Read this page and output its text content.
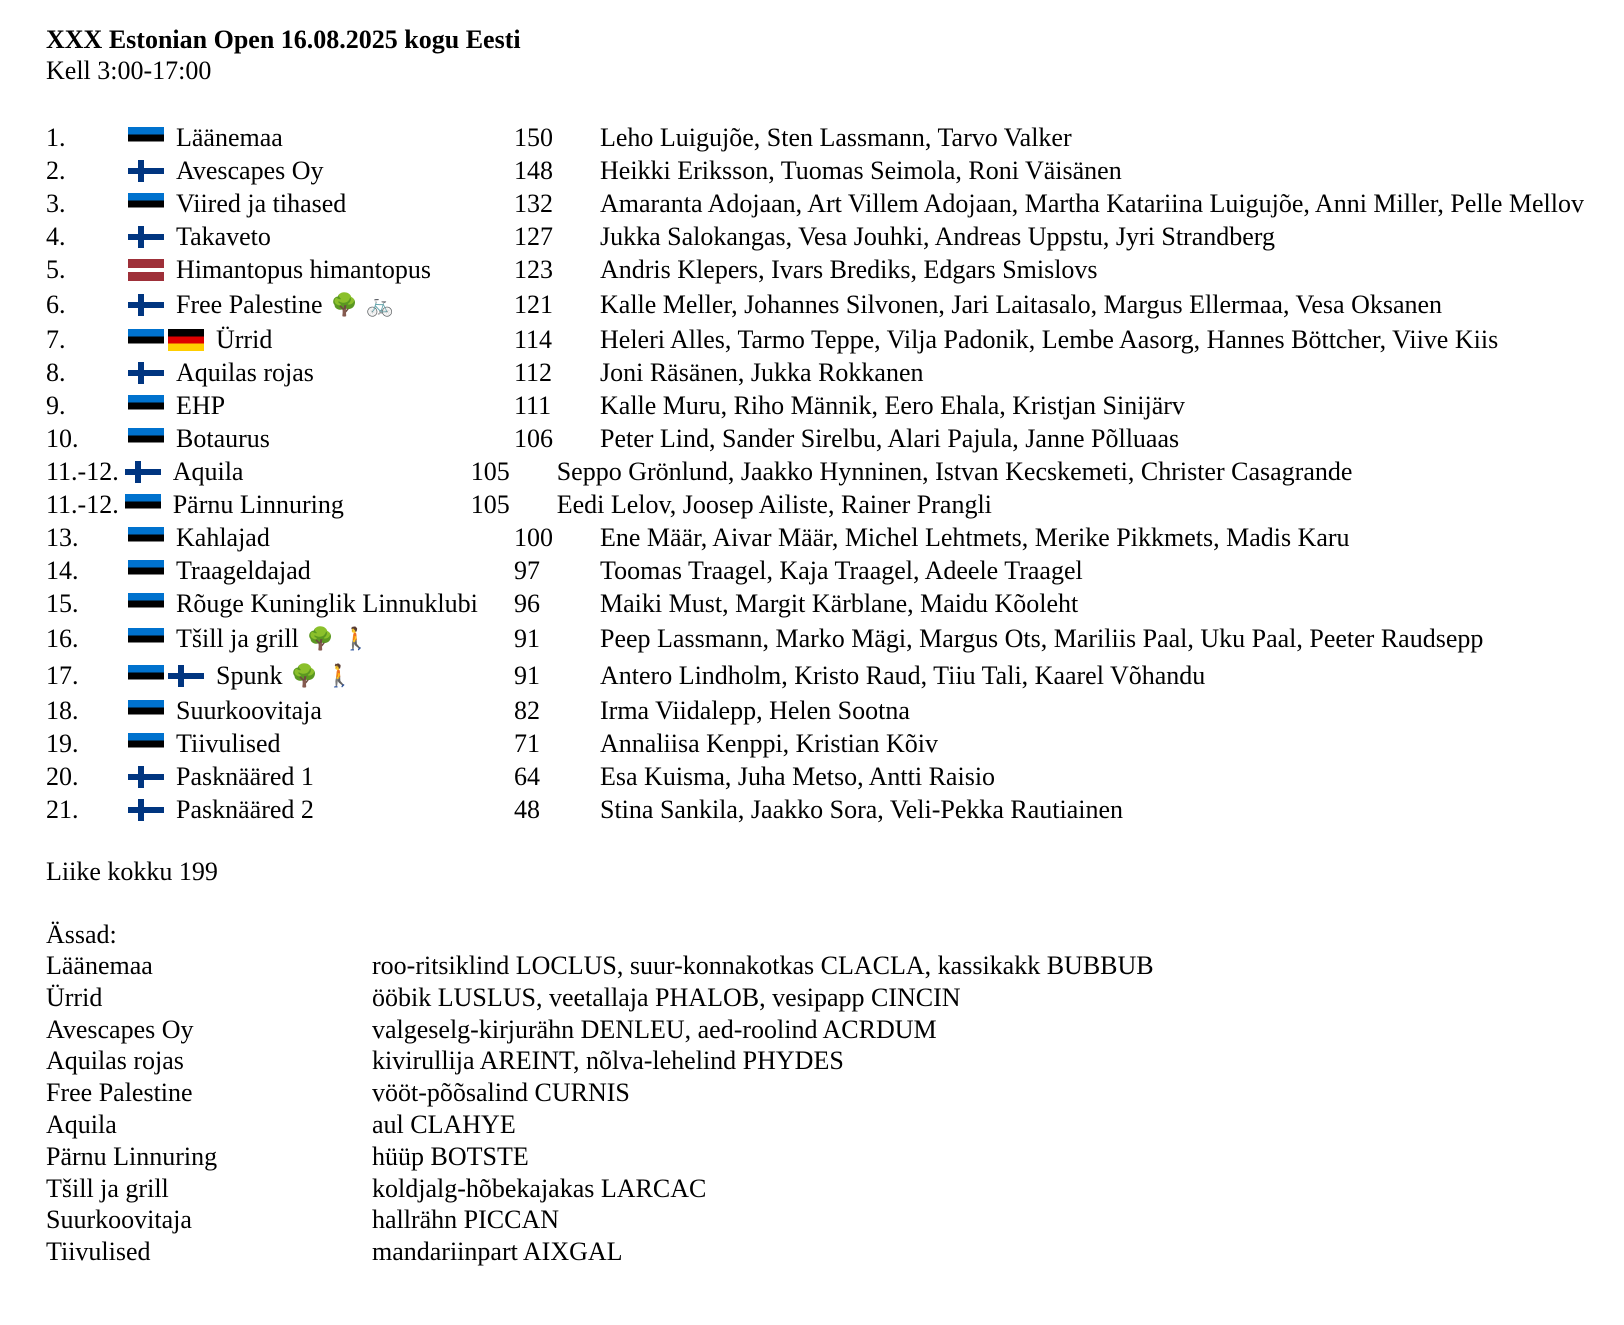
XXX Estonian Open 16.08.2025 kogu Eesti
Kell 3:00-17:00
1.	Läänemaa	150	Leho Luigujõe, Sten Lassmann, Tarvo Valker
2.	Avescapes Oy	148	Heikki Eriksson, Tuomas Seimola, Roni Väisänen
3.	Viired ja tihased	132	Amaranta Adojaan, Art Villem Adojaan, Martha Katariina Luigujõe, Anni Miller, Pelle Mellov
4.	Takaveto	127	Jukka Salokangas, Vesa Jouhki, Andreas Uppstu, Jyri Strandberg
5.	Himantopus himantopus	123	Andris Klepers, Ivars Brediks, Edgars Smislovs
6.	Free Palestine 🌳 🚲	121	Kalle Meller, Johannes Silvonen, Jari Laitasalo, Margus Ellermaa, Vesa Oksanen
7.	Ürrid	114	Heleri Alles, Tarmo Teppe, Vilja Padonik, Lembe Aasorg, Hannes Böttcher, Viive Kiis
8.	Aquilas rojas	112	Joni Räsänen, Jukka Rokkanen
9.	EHP	111	Kalle Muru, Riho Männik, Eero Ehala, Kristjan Sinijärv
10.	Botaurus	106	Peter Lind, Sander Sirelbu, Alari Pajula, Janne Põlluaas
11.-12. Aquila	105	Seppo Grönlund, Jaakko Hynninen, Istvan Kecskemeti, Christer Casagrande
11.-12. Pärnu Linnuring	105	Eedi Lelov, Joosep Ailiste, Rainer Prangli
13.	Kahlajad	100	Ene Määr, Aivar Määr, Michel Lehtmets, Merike Pikkmets, Madis Karu
14.	Traageldajad	97	Toomas Traagel, Kaja Traagel, Adeele Traagel
15.	Rõuge Kuninglik Linnuklubi 96	Maiki Must, Margit Kärblane, Maidu Kõoleht
16.	Tšill ja grill 🌳 🚶	91	Peep Lassmann, Marko Mägi, Margus Ots, Mariliis Paal, Uku Paal, Peeter Raudsepp
17.	Spunk 🌳 🚶	91	Antero Lindholm, Kristo Raud, Tiiu Tali, Kaarel Võhandu
18.	Suurkoovitaja	82	Irma Viidalepp, Helen Sootna
19.	Tiivulised	71	Annaliisa Kenppi, Kristian Kõiv
20.	Pasknääred 1	64	Esa Kuisma, Juha Metso, Antti Raisio
21.	Pasknääred 2	48	Stina Sankila, Jaakko Sora, Veli-Pekka Rautiainen
Liike kokku 199
Ässad:
Läänemaa	roo-ritsiklind LOCLUS, suur-konnakotkas CLACLA, kassikakk BUBBUB
Ürrid	ööbik LUSLUS, veetallaja PHALOB, vesipapp CINCIN
Avescapes Oy	valgeselg-kirjurähn DENLEU, aed-roolind ACRDUM
Aquilas rojas	kivirullija AREINT, nõlva-lehelind PHYDES
Free Palestine	vööt-põõsalind CURNIS
Aquila	aul CLAHYE
Pärnu Linnuring	hüüp BOTSTE
Tšill ja grill	koldjalg-hõbekajakas LARCAC
Suurkoovitaja	hallrähn PICCAN
Tiivulised	mandariinpart AIXGAL
